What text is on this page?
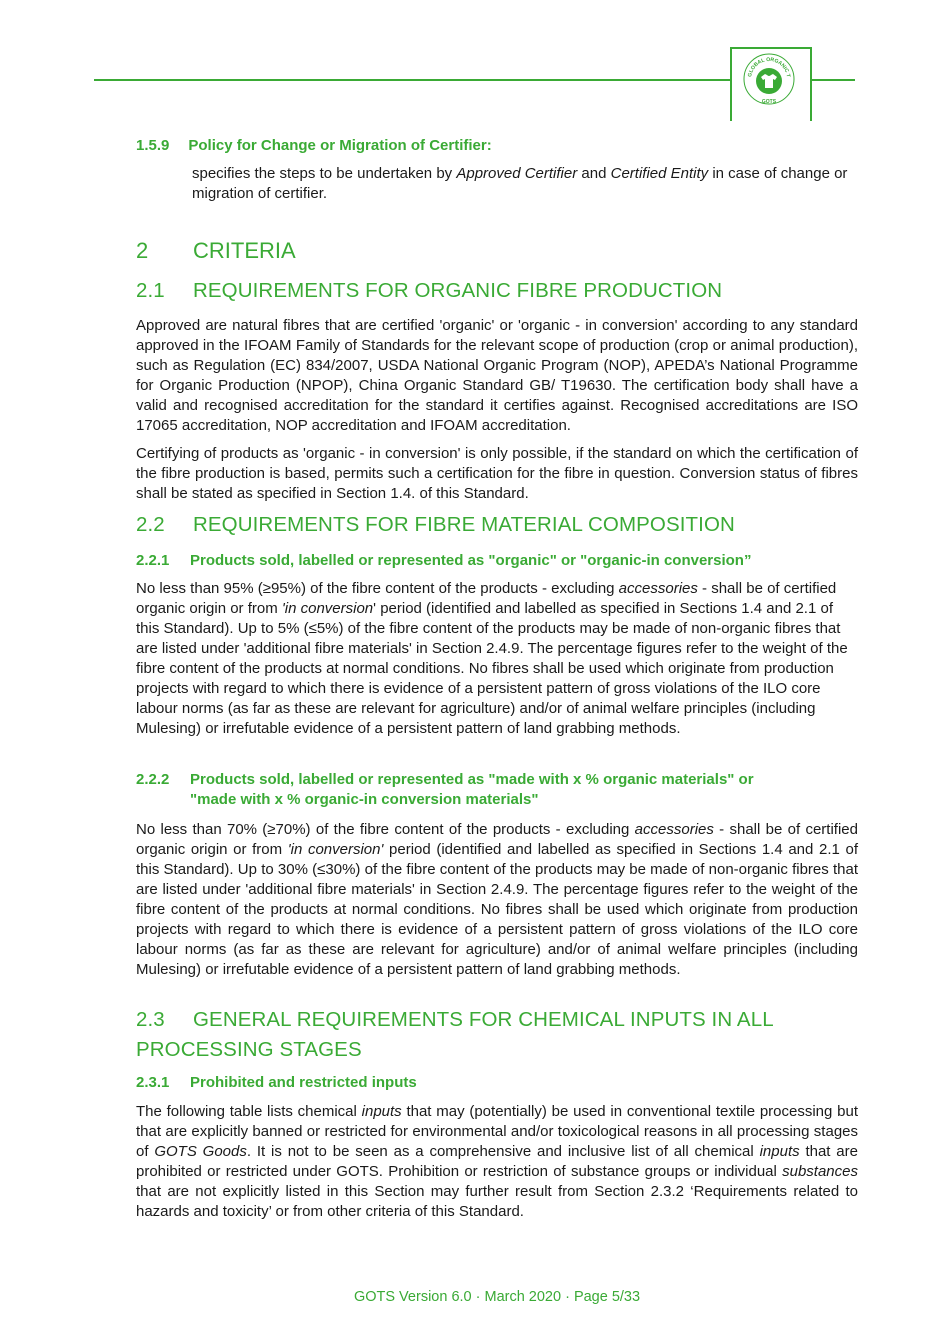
GLOBAL ORGANIC T
GOTS
1.5.9 Policy for Change or Migration of Certifier:
specifies the steps to be undertaken by Approved Certifier and Certified Entity in case of change or migration of certifier.
2 CRITERIA
2.1 REQUIREMENTS FOR ORGANIC FIBRE PRODUCTION
Approved are natural fibres that are certified 'organic' or 'organic - in conversion' according to any standard approved in the IFOAM Family of Standards for the relevant scope of production (crop or animal production), such as Regulation (EC) 834/2007, USDA National Organic Program (NOP), APEDA’s National Programme for Organic Production (NPOP), China Organic Standard GB/ T19630. The certification body shall have a valid and recognised accreditation for the standard it certifies against. Recognised accreditations are ISO 17065 accreditation, NOP accreditation and IFOAM accreditation.
Certifying of products as 'organic - in conversion' is only possible, if the standard on which the certification of the fibre production is based, permits such a certification for the fibre in question. Conversion status of fibres shall be stated as specified in Section 1.4. of this Standard.
2.2 REQUIREMENTS FOR FIBRE MATERIAL COMPOSITION
2.2.1 Products sold, labelled or represented as "organic" or "organic-in conversion”
No less than 95% (≥95%) of the fibre content of the products - excluding accessories - shall be of certified organic origin or from 'in conversion' period (identified and labelled as specified in Sections 1.4 and 2.1 of this Standard). Up to 5% (≤5%) of the fibre content of the products may be made of non-organic fibres that are listed under 'additional fibre materials' in Section 2.4.9. The percentage figures refer to the weight of the fibre content of the products at normal conditions. No fibres shall be used which originate from production projects with regard to which there is evidence of a persistent pattern of gross violations of the ILO core labour norms (as far as these are relevant for agriculture) and/or of animal welfare principles (including Mulesing) or irrefutable evidence of a persistent pattern of land grabbing methods.
2.2.2 Products sold, labelled or represented as "made with x % organic materials" or
"made with x % organic-in conversion materials"
No less than 70% (≥70%) of the fibre content of the products - excluding accessories - shall be of certified organic origin or from 'in conversion' period (identified and labelled as specified in Sections 1.4 and 2.1 of this Standard). Up to 30% (≤30%) of the fibre content of the products may be made of non-organic fibres that are listed under 'additional fibre materials' in Section 2.4.9. The percentage figures refer to the weight of the fibre content of the products at normal conditions. No fibres shall be used which originate from production projects with regard to which there is evidence of a persistent pattern of gross violations of the ILO core labour norms (as far as these are relevant for agriculture) and/or of animal welfare principles (including Mulesing) or irrefutable evidence of a persistent pattern of land grabbing methods.
2.3 GENERAL REQUIREMENTS FOR CHEMICAL INPUTS IN ALL
PROCESSING STAGES
2.3.1 Prohibited and restricted inputs
The following table lists chemical inputs that may (potentially) be used in conventional textile processing but that are explicitly banned or restricted for environmental and/or toxicological reasons in all processing stages of GOTS Goods. It is not to be seen as a comprehensive and inclusive list of all chemical inputs that are prohibited or restricted under GOTS. Prohibition or restriction of substance groups or individual substances that are not explicitly listed in this Section may further result from Section 2.3.2 ‘Requirements related to hazards and toxicity’ or from other criteria of this Standard.
GOTS Version 6.0 · March 2020 · Page 5/33
